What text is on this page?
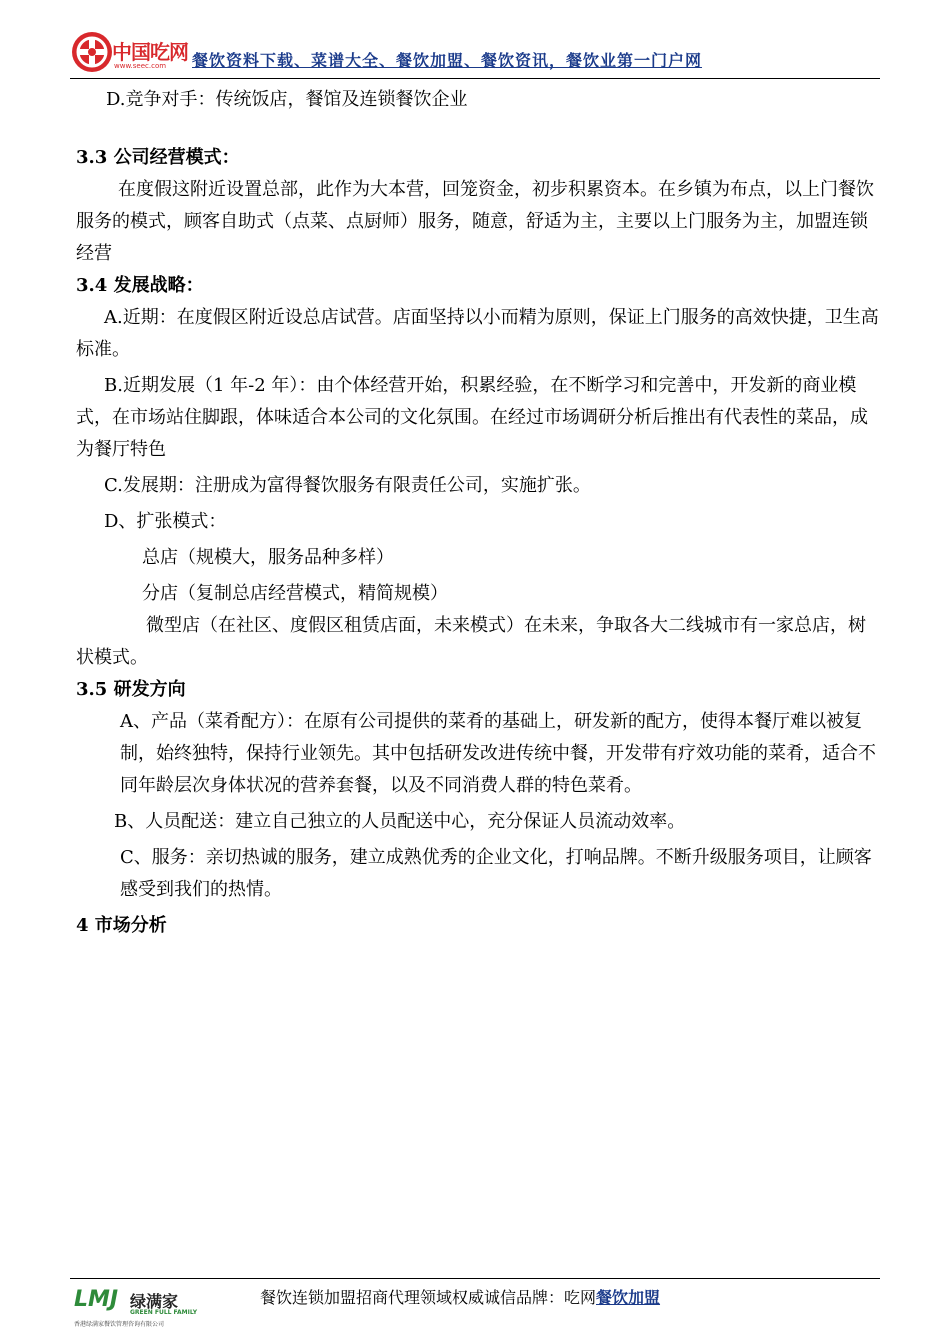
中国吃网
www.seec.com 餐饮资料下载、菜谱大全、餐饮加盟、餐饮资讯，餐饮业第一门户网

D.竞争对手：传统饭店，餐馆及连锁餐饮企业

3.3 公司经营模式：

在度假这附近设置总部，此作为大本营，回笼资金，初步积累资本。在乡镇为布点，以上门餐饮服务的模式，顾客自助式（点菜、点厨师）服务，随意，舒适为主，主要以上门服务为主，加盟连锁经营

3.4 发展战略：

A.近期：在度假区附近设总店试营。店面坚持以小而精为原则，保证上门服务的高效快捷，卫生高标准。

B.近期发展（1 年-2 年）：由个体经营开始，积累经验，在不断学习和完善中，开发新的商业模式，在市场站住脚跟，体味适合本公司的文化氛围。在经过市场调研分析后推出有代表性的菜品，成为餐厅特色

C.发展期：注册成为富得餐饮服务有限责任公司，实施扩张。

D、扩张模式：

总店（规模大，服务品种多样）

分店（复制总店经营模式，精简规模）

微型店（在社区、度假区租赁店面，未来模式）在未来，争取各大二线城市有一家总店，树状模式。

3.5 研发方向

A、产品（菜肴配方）：在原有公司提供的菜肴的基础上，研发新的配方，使得本餐厅难以被复制，始终独特，保持行业领先。其中包括研发改进传统中餐，开发带有疗效功能的菜肴，适合不同年龄层次身体状况的营养套餐，以及不同消费人群的特色菜肴。

B、人员配送：建立自己独立的人员配送中心，充分保证人员流动效率。

C、服务：亲切热诚的服务，建立成熟优秀的企业文化，打响品牌。不断升级服务项目，让顾客感受到我们的热情。

4 市场分析

LMJ 绿满家
GREEN FULL FAMILY
香港绿满家餐饮管理咨询有限公司
餐饮连锁加盟招商代理领域权威诚信品牌：吃网餐饮加盟
